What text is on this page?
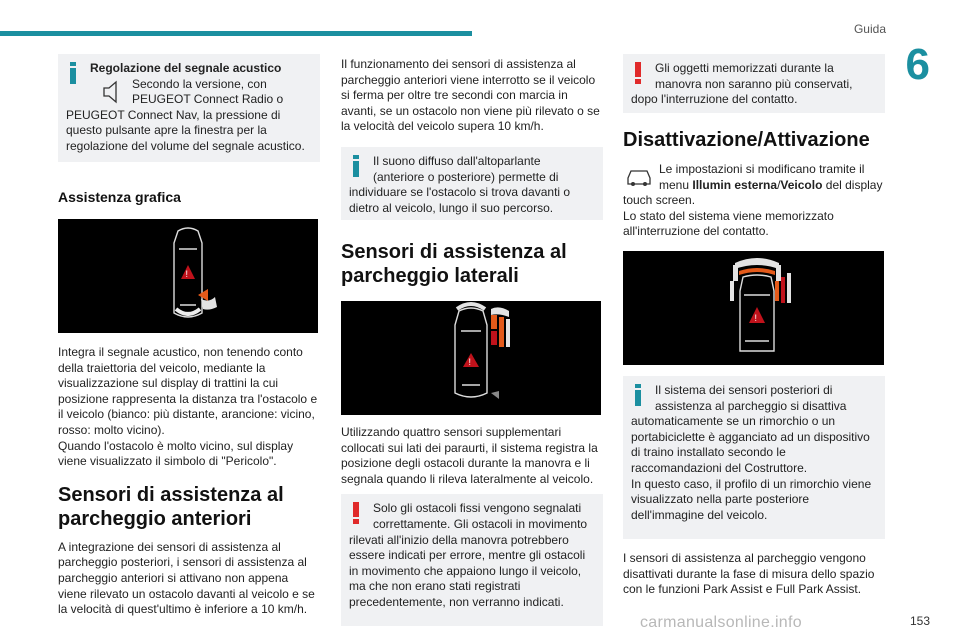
Guida
6
Regolazione del segnale acustico
Secondo la versione, con
PEUGEOT Connect Radio o
PEUGEOT Connect Nav, la pressione di questo pulsante apre la finestra per la regolazione del volume del segnale acustico.
Assistenza grafica
!

Integra il segnale acustico, non tenendo conto della traiettoria del veicolo, mediante la visualizzazione sul display di trattini la cui posizione rappresenta la distanza tra l'ostacolo e il veicolo (bianco: più distante, arancione: vicino, rosso: molto vicino).

Quando l'ostacolo è molto vicino, sul display viene visualizzato il simbolo di "Pericolo".

Sensori di assistenza al parcheggio anteriori

A integrazione dei sensori di assistenza al parcheggio posteriori, i sensori di assistenza al parcheggio anteriori si attivano non appena viene rilevato un ostacolo davanti al veicolo e se la velocità di quest'ultimo è inferiore a 10 km/h.

Il funzionamento dei sensori di assistenza al parcheggio anteriori viene interrotto se il veicolo si ferma per oltre tre secondi con marcia in avanti, se un ostacolo non viene più rilevato o se la velocità del veicolo supera 10 km/h.

Il suono diffuso dall'altoparlante
(anteriore o posteriore) permette di
individuare se l'ostacolo si trova davanti o dietro al veicolo, lungo il suo percorso.
Sensori di assistenza al parcheggio laterali
!

Utilizzando quattro sensori supplementari collocati sui lati dei paraurti, il sistema registra la posizione degli ostacoli durante la manovra e li segnala quando li rileva lateralmente al veicolo.

Solo gli ostacoli fissi vengono segnalati
correttamente. Gli ostacoli in movimento
rilevati all'inizio della manovra potrebbero essere indicati per errore, mentre gli ostacoli in movimento che appaiono lungo il veicolo, ma che non erano stati registrati precedentemente, non verranno indicati.
Gli oggetti memorizzati durante la
manovra non saranno più conservati,
dopo l'interruzione del contatto.
Disattivazione/Attivazione
Le impostazioni si modificano tramite il
menu Illumin esterna/Veicolo del display
touch screen.
Lo stato del sistema viene memorizzato all'interruzione del contatto.
!
Il sistema dei sensori posteriori di
assistenza al parcheggio si disattiva
automaticamente se un rimorchio o un portabiciclette è agganciato ad un dispositivo di traino installato secondo le raccomandazioni del Costruttore.
In questo caso, il profilo di un rimorchio viene visualizzato nella parte posteriore dell'immagine del veicolo.

I sensori di assistenza al parcheggio vengono disattivati durante la fase di misura dello spazio con le funzioni Park Assist e Full Park Assist.

carmanualsonline.info	153
